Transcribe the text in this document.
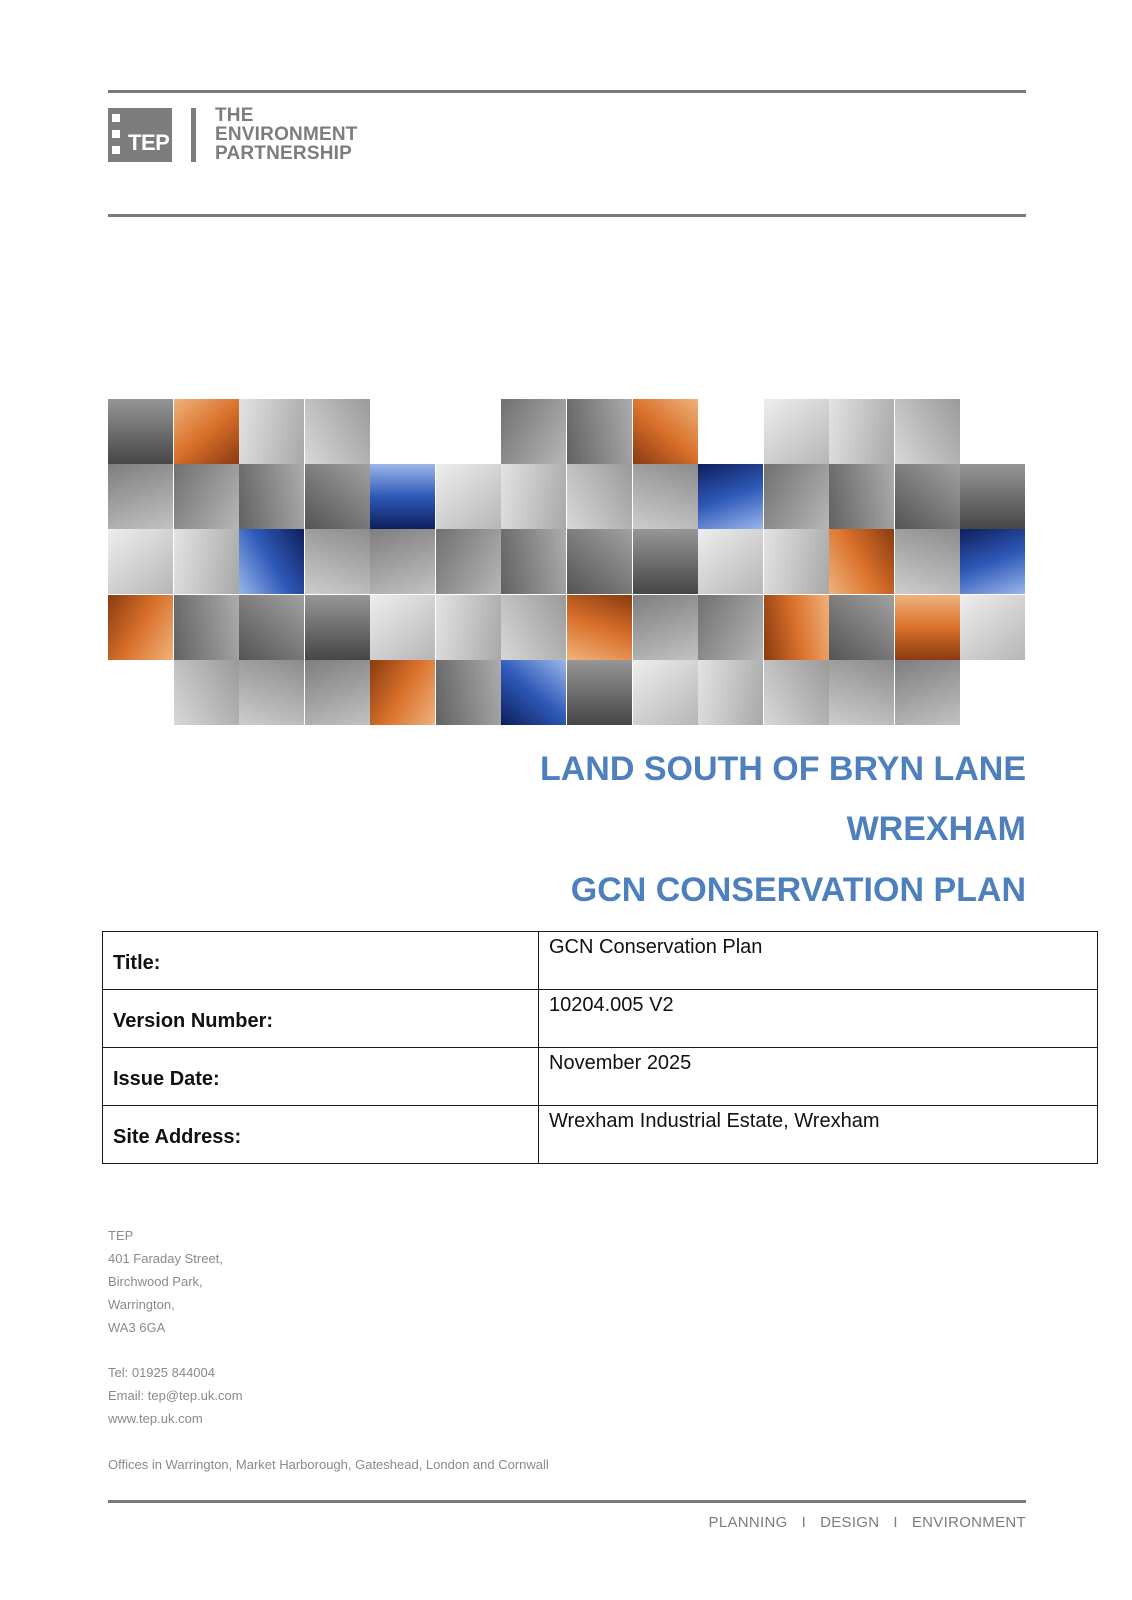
TEP
THE
ENVIRONMENT
PARTNERSHIP
LAND SOUTH OF BRYN LANE
WREXHAM
GCN CONSERVATION PLAN
Title:	GCN Conservation Plan
Version Number:	10204.005 V2
Issue Date:	November 2025
Site Address:	Wrexham Industrial Estate, Wrexham
TEP
401 Faraday Street,
Birchwood Park,
Warrington,
WA3 6GA
Tel: 01925 844004
Email: tep@tep.uk.com
www.tep.uk.com
Offices in Warrington, Market Harborough, Gateshead, London and Cornwall
PLANNING I DESIGN I ENVIRONMENT
